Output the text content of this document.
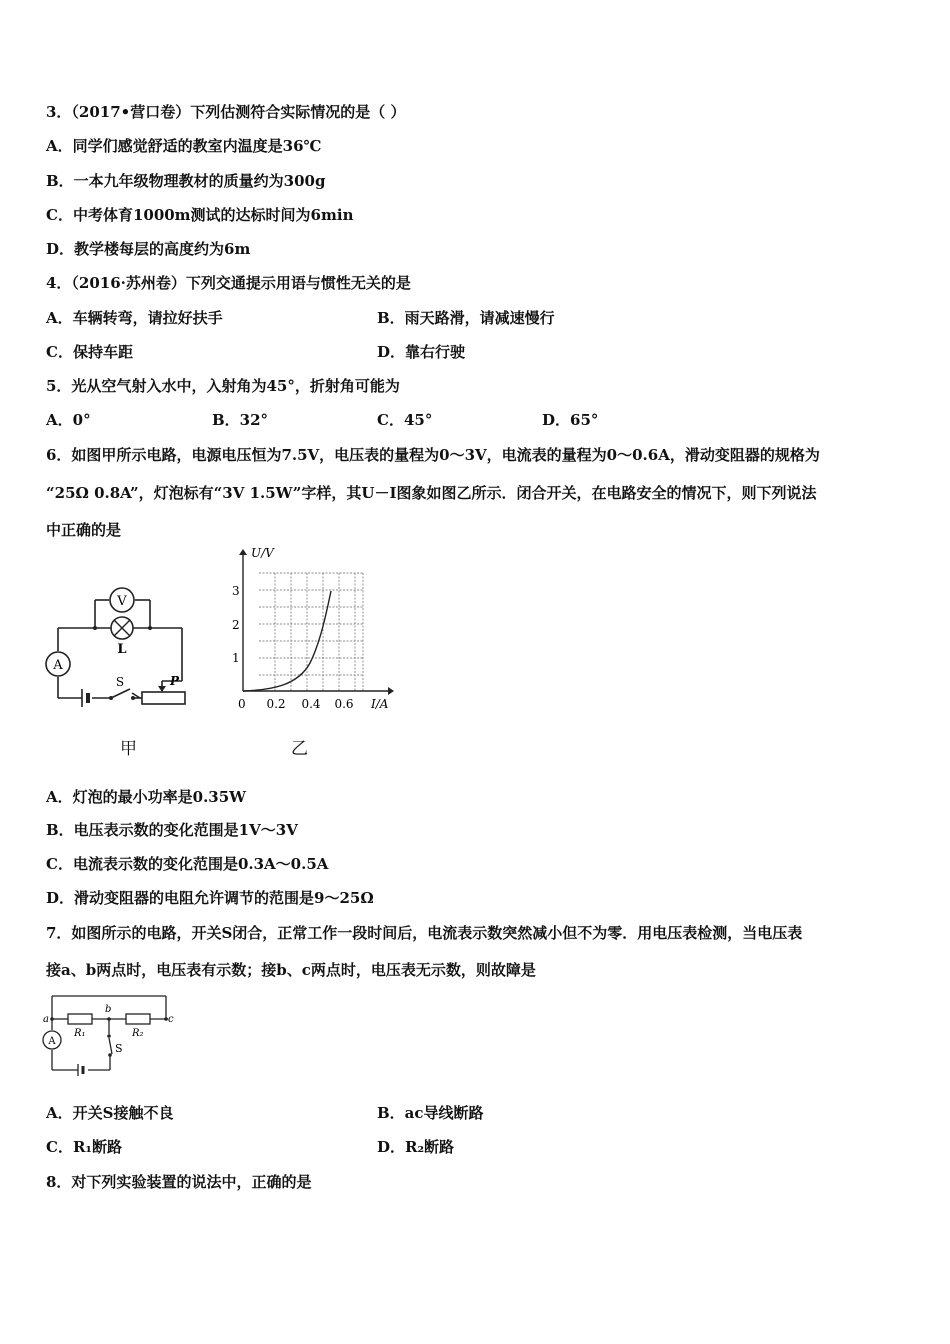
3．（2017•营口卷）下列估测符合实际情况的是（ ）
A．同学们感觉舒适的教室内温度是36℃
B．一本九年级物理教材的质量约为300g
C．中考体育1000m测试的达标时间为6min
D．教学楼每层的高度约为6m
4．（2016·苏州卷）下列交通提示用语与惯性无关的是
A．车辆转弯，请拉好扶手	B．雨天路滑，请减速慢行
C．保持车距	D．靠右行驶
5．光从空气射入水中，入射角为45°，折射角可能为
A．0°	B．32°	C．45°	D．65°
6．如图甲所示电路，电源电压恒为7.5V，电压表的量程为0～3V，电流表的量程为0～0.6A，滑动变阻器的规格为
“25Ω 0.8A”，灯泡标有“3V 1.5W”字样，其U－I图象如图乙所示．闭合开关，在电路安全的情况下，则下列说法
中正确的是
V
L
A
S	P
甲
U/V
I/A
0 0.2 0.4 0.6
1
2
3
乙
A．灯泡的最小功率是0.35W
B．电压表示数的变化范围是1V～3V
C．电流表示数的变化范围是0.3A～0.5A
D．滑动变阻器的电阻允许调节的范围是9～25Ω
7．如图所示的电路，开关S闭合，正常工作一段时间后，电流表示数突然减小但不为零．用电压表检测，当电压表
接a、b两点时，电压表有示数；接b、c两点时，电压表无示数，则故障是
A
a
b
c
R₁	R₂
S
A．开关S接触不良	B．ac导线断路
C．R₁断路	D．R₂断路
8．对下列实验装置的说法中，正确的是
